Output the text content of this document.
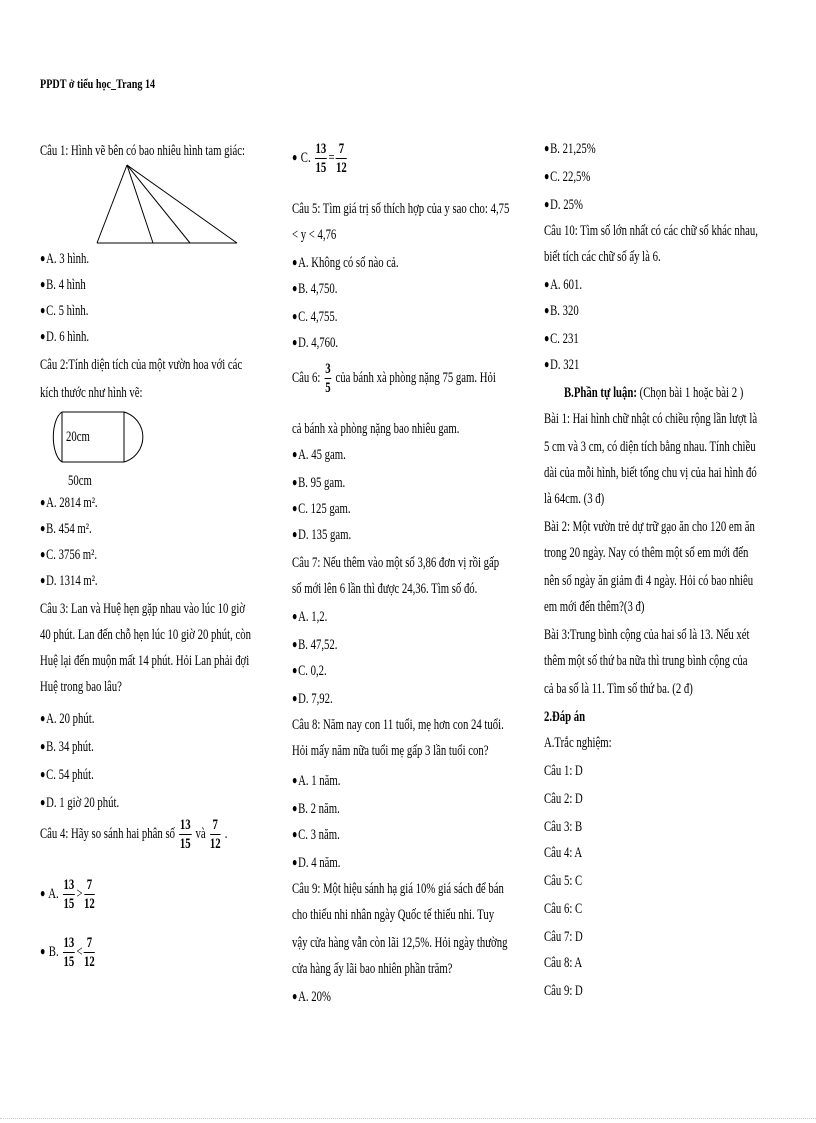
PPDT ở tiểu học_Trang 14
Câu 1: Hình vẽ bên có bao nhiêu hình tam giác:
● A. 3 hình.
● B. 4 hình
● C. 5 hình.
● D. 6 hình.
Câu 2:Tính diện tích của một vườn hoa với các
kích thước như hình vẽ:
20cm
50cm
● A. 2814 m².
● B. 454 m².
● C. 3756 m².
● D. 1314 m².
Câu 3: Lan và Huệ hẹn gặp nhau vào lúc 10 giờ
40 phút. Lan đến chỗ hẹn lúc 10 giờ 20 phút, còn
Huệ lại đến muộn mất 14 phút. Hỏi Lan phải đợi
Huệ trong bao lâu?
● A. 20 phút.
● B. 34 phút.
● C. 54 phút.
● D. 1 giờ 20 phút.
Câu 4: Hãy so sánh hai phân số $\frac{13}{15}$ và $\frac{7}{12}$ .
● A. $\frac{13}{15} > \frac{7}{12}$
● B. $\frac{13}{15} < \frac{7}{12}$
● C. $\frac{13}{15} = \frac{7}{12}$
Câu 5: Tìm giá trị số thích hợp của y sao cho: 4,75
< y < 4,76
● A. Không có số nào cả.
● B. 4,750.
● C. 4,755.
● D. 4,760.
Câu 6: $\frac{3}{5}$ của bánh xà phòng nặng 75 gam. Hỏi
cả bánh xà phòng nặng bao nhiêu gam.
● A. 45 gam.
● B. 95 gam.
● C. 125 gam.
● D. 135 gam.
Câu 7: Nếu thêm vào một số 3,86 đơn vị rồi gấp
số mới lên 6 lần thì được 24,36. Tìm số đó.
● A. 1,2.
● B. 47,52.
● C. 0,2.
● D. 7,92.
Câu 8: Năm nay con 11 tuổi, mẹ hơn con 24 tuổi.
Hỏi mấy năm nữa tuổi mẹ gấp 3 lần tuổi con?
● A. 1 năm.
● B. 2 năm.
● C. 3 năm.
● D. 4 năm.
Câu 9: Một hiệu sánh hạ giá 10% giá sách để bán
cho thiếu nhi nhân ngày Quốc tế thiếu nhi. Tuy
vậy cửa hàng vẫn còn lãi 12,5%. Hỏi ngày thường
cửa hàng ấy lãi bao nhiên phần trăm?
● A. 20%
● B. 21,25%
● C. 22,5%
● D. 25%
Câu 10: Tìm số lớn nhất có các chữ số khác nhau,
biết tích các chữ số ấy là 6.
● A. 601.
● B. 320
● C. 231
● D. 321
B.Phần tự luận: (Chọn bài 1 hoặc bài 2 )
Bài 1: Hai hình chữ nhật có chiều rộng lần lượt là
5 cm và 3 cm, có diện tích bằng nhau. Tính chiều
dài của mỗi hình, biết tổng chu vị của hai hình đó
là 64cm. (3 đ)
Bài 2: Một vườn trẻ dự trữ gạo ăn cho 120 em ăn
trong 20 ngày. Nay có thêm một số em mới đến
nên số ngày ăn giảm đi 4 ngày. Hỏi có bao nhiêu
em mới đến thêm?(3 đ)
Bài 3:Trung bình cộng của hai số là 13. Nếu xét
thêm một số thứ ba nữa thì trung bình cộng của
cả ba số là 11. Tìm số thứ ba. (2 đ)
2.Đáp án
A.Trắc nghiệm:
Câu 1: D
Câu 2: D
Câu 3: B
Câu 4: A
Câu 5: C
Câu 6: C
Câu 7: D
Câu 8: A
Câu 9: D
